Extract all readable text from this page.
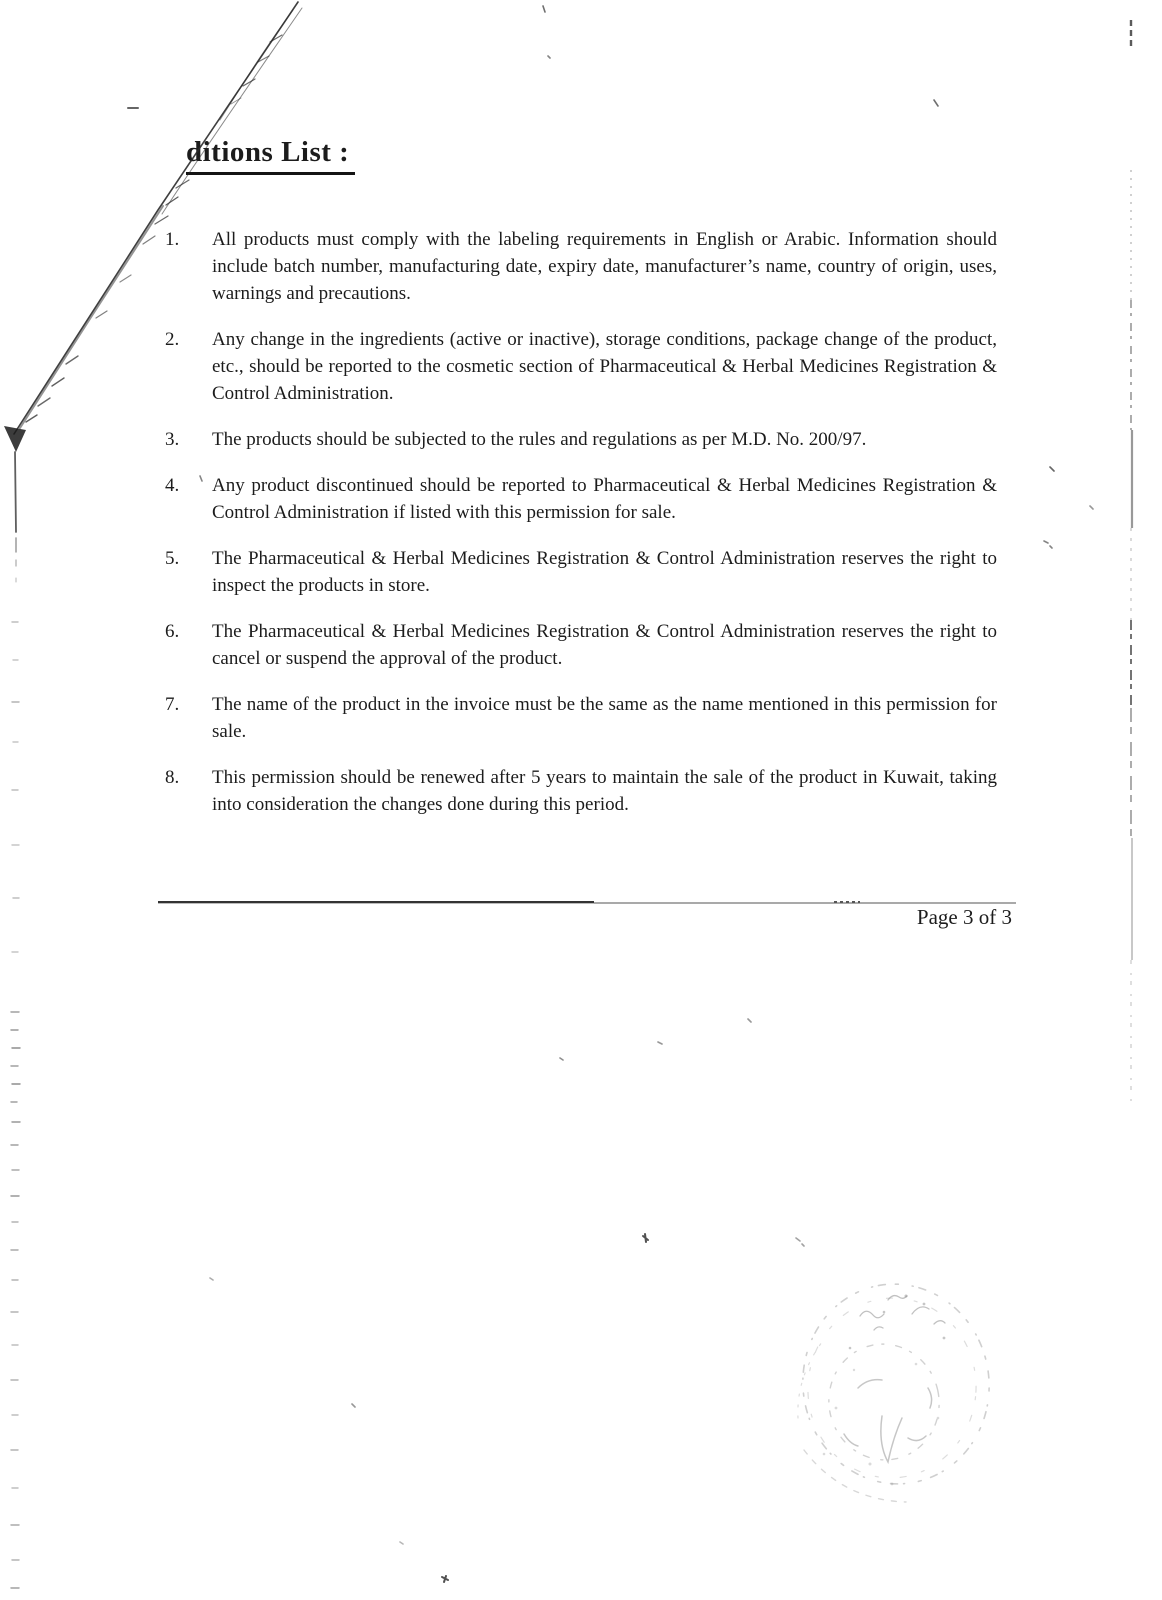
ditions List :
1. All products must comply with the labeling requirements in English or Arabic. Information should include batch number, manufacturing date, expiry date, manufacturer’s name, country of origin, uses, warnings and precautions.

2. Any change in the ingredients (active or inactive), storage conditions, package change of the product, etc., should be reported to the cosmetic section of Pharmaceutical & Herbal Medicines Registration & Control Administration.

3. The products should be subjected to the rules and regulations as per M.D. No. 200/97.

4. Any product discontinued should be reported to Pharmaceutical & Herbal Medicines Registration & Control Administration if listed with this permission for sale.

5. The Pharmaceutical & Herbal Medicines Registration & Control Administration reserves the right to inspect the products in store.

6. The Pharmaceutical & Herbal Medicines Registration & Control Administration reserves the right to cancel or suspend the approval of the product.

7. The name of the product in the invoice must be the same as the name mentioned in this permission for sale.

8. This permission should be renewed after 5 years to maintain the sale of the product in Kuwait, taking into consideration the changes done during this period.

Page 3 of 3
